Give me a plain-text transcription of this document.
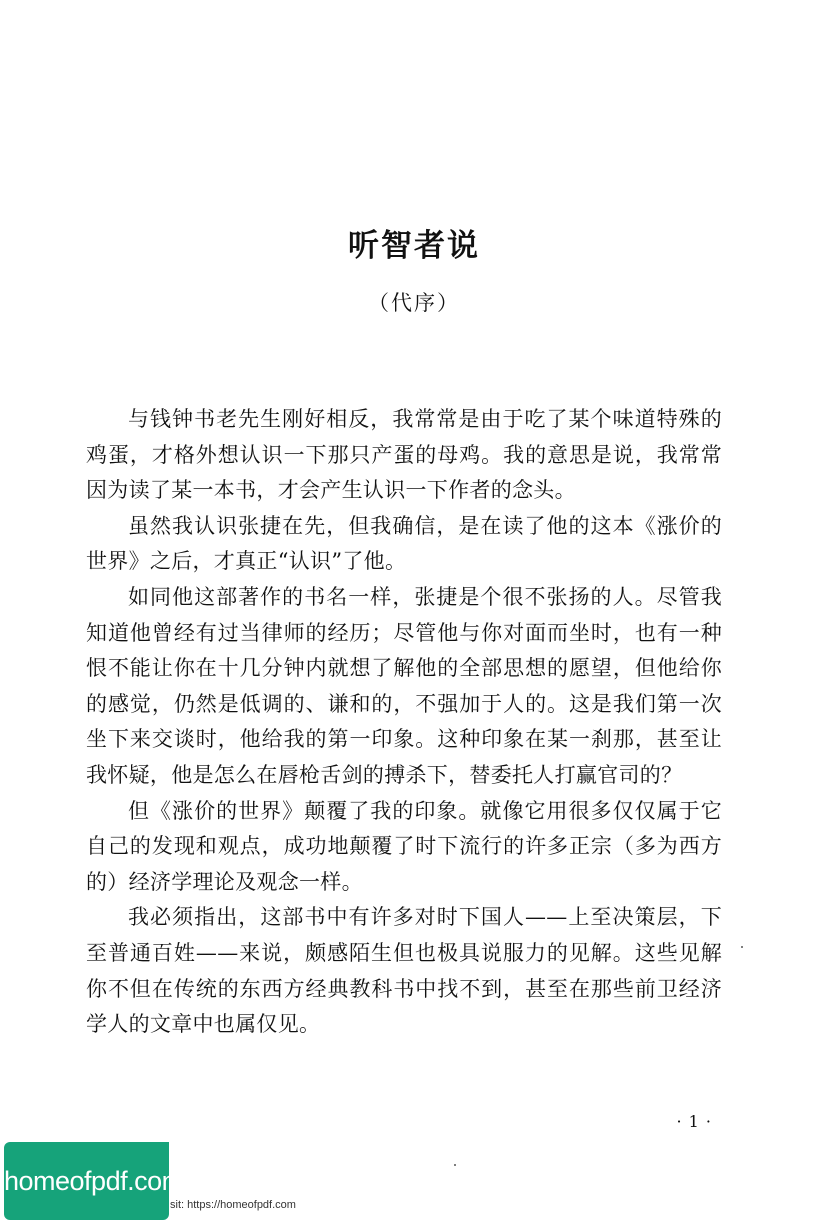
听智者说
（代序）

与钱钟书老先生刚好相反，我常常是由于吃了某个味道特殊的鸡蛋，才格外想认识一下那只产蛋的母鸡。我的意思是说，我常常因为读了某一本书，才会产生认识一下作者的念头。

虽然我认识张捷在先，但我确信，是在读了他的这本《涨价的世界》之后，才真正“认识”了他。

如同他这部著作的书名一样，张捷是个很不张扬的人。尽管我知道他曾经有过当律师的经历；尽管他与你对面而坐时，也有一种恨不能让你在十几分钟内就想了解他的全部思想的愿望，但他给你的感觉，仍然是低调的、谦和的，不强加于人的。这是我们第一次坐下来交谈时，他给我的第一印象。这种印象在某一刹那，甚至让我怀疑，他是怎么在唇枪舌剑的搏杀下，替委托人打赢官司的？

但《涨价的世界》颠覆了我的印象。就像它用很多仅仅属于它自己的发现和观点，成功地颠覆了时下流行的许多正宗（多为西方的）经济学理论及观念一样。

我必须指出，这部书中有许多对时下国人——上至决策层，下至普通百姓——来说，颇感陌生但也极具说服力的见解。这些见解你不但在传统的东西方经典教科书中找不到，甚至在那些前卫经济学人的文章中也属仅见。

· 1 ·
homeofpdf.com
sit: https://homeofpdf.com
